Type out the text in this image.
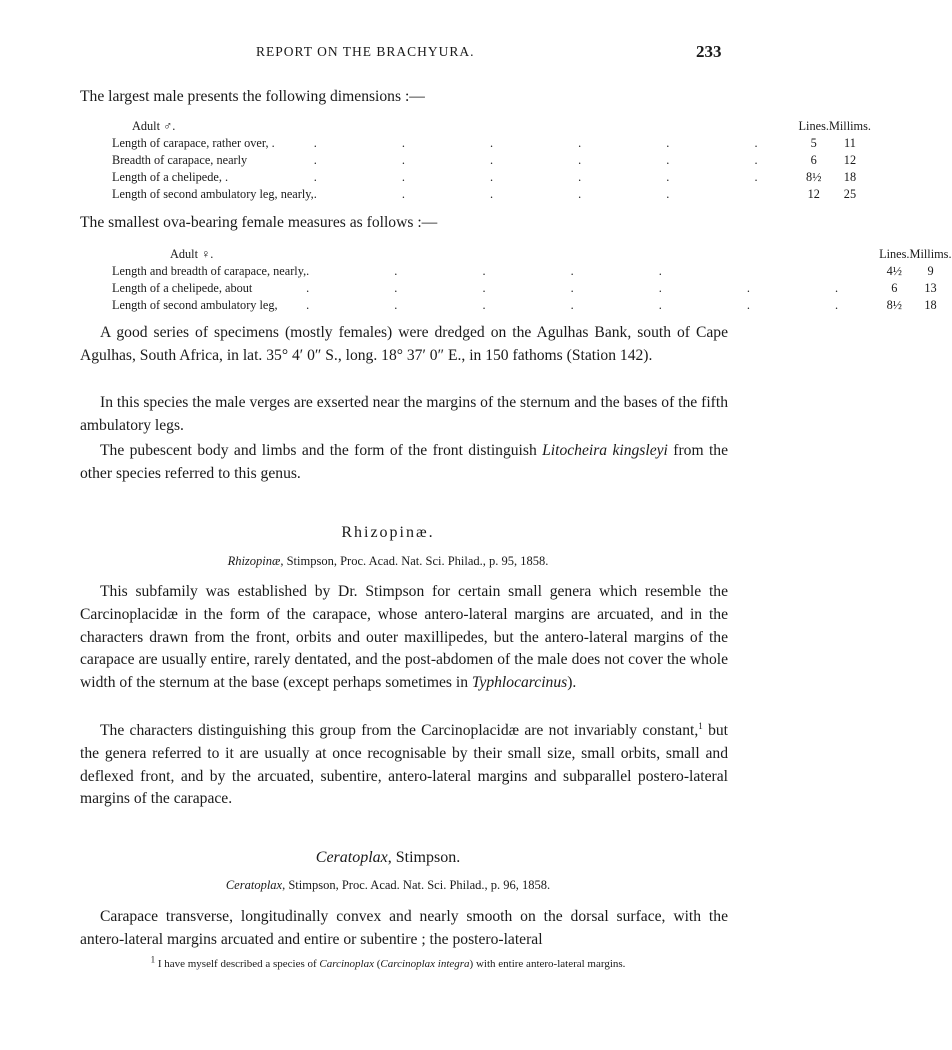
REPORT ON THE BRACHYURA.	233

The largest male presents the following dimensions :—

Adult ♂.		Lines.	Millims.
Length of carapace, rather over, .	. . . . . .	5	11
Breadth of carapace, nearly	. . . . . .	6	12
Length of a chelipede, .	. . . . . .	8½	18
Length of second ambulatory leg, nearly,	. . . . .	12	25

The smallest ova-bearing female measures as follows :—

Adult ♀.		Lines.	Millims.
Length and breadth of carapace, nearly,	. . . . .	4½	9
Length of a chelipede, about	. . . . . . .	6	13
Length of second ambulatory leg,	. . . . . . .	8½	18

A good series of specimens (mostly females) were dredged on the Agulhas Bank, south of Cape Agulhas, South Africa, in lat. 35° 4′ 0″ S., long. 18° 37′ 0″ E., in 150 fathoms (Station 142).

In this species the male verges are exserted near the margins of the sternum and the bases of the fifth ambulatory legs.

The pubescent body and limbs and the form of the front distinguish Litocheira kingsleyi from the other species referred to this genus.

Rhizopinæ.

Rhizopinæ, Stimpson, Proc. Acad. Nat. Sci. Philad., p. 95, 1858.

This subfamily was established by Dr. Stimpson for certain small genera which resemble the Carcinoplacidæ in the form of the carapace, whose antero-lateral margins are arcuated, and in the characters drawn from the front, orbits and outer maxillipedes, but the antero-lateral margins of the carapace are usually entire, rarely dentated, and the post-abdomen of the male does not cover the whole width of the sternum at the base (except perhaps sometimes in Typhlocarcinus).

The characters distinguishing this group from the Carcinoplacidæ are not invariably constant,$^1$ but the genera referred to it are usually at once recognisable by their small size, small orbits, small and deflexed front, and by the arcuated, subentire, antero-lateral margins and subparallel postero-lateral margins of the carapace.

Ceratoplax, Stimpson.

Ceratoplax, Stimpson, Proc. Acad. Nat. Sci. Philad., p. 96, 1858.

Carapace transverse, longitudinally convex and nearly smooth on the dorsal surface, with the antero-lateral margins arcuated and entire or subentire ; the postero-lateral

$^1$ I have myself described a species of Carcinoplax (Carcinoplax integra) with entire antero-lateral margins.
